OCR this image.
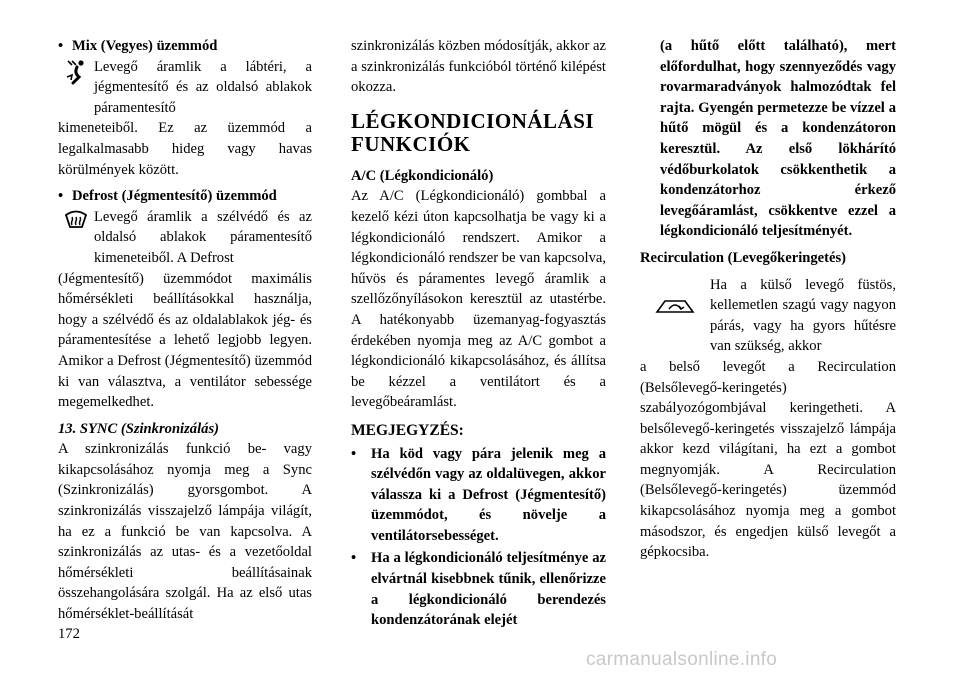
• Mix (Vegyes) üzemmód

Levegő áramlik a lábtéri, a jégmentesítő és az oldalsó ablakok páramentesítő

kimeneteiből. Ez az üzemmód a legalkalmasabb hideg vagy havas körülmények között.

• Defrost (Jégmentesítő) üzemmód

Levegő áramlik a szélvédő és az oldalsó ablakok páramentesítő kimeneteiből. A Defrost

(Jégmentesítő) üzemmódot maximális hőmérsékleti beállításokkal használja, hogy a szélvédő és az oldalablakok jég- és páramentesítése a lehető legjobb legyen. Amikor a Defrost (Jégmentesítő) üzemmód ki van választva, a ventilátor sebessége megemelkedhet.

13. SYNC (Szinkronizálás)

A szinkronizálás funkció be- vagy kikapcsolásához nyomja meg a Sync (Szinkronizálás) gyorsgombot. A szinkronizálás visszajelző lámpája világít, ha ez a funkció be van kapcsolva. A szinkronizálás az utas- és a vezetőoldal hőmérsékleti beállításainak összehangolására szolgál. Ha az első utas hőmérséklet-beállítását

szinkronizálás közben módosítják, akkor az a szinkronizálás funkcióból történő kilépést okozza.

LÉGKONDICIONÁLÁSI FUNKCIÓK

A/C (Légkondicionáló)

Az A/C (Légkondicionáló) gombbal a kezelő kézi úton kapcsolhatja be vagy ki a légkondicionáló rendszert. Amikor a légkondicionáló rendszer be van kapcsolva, hűvös és páramentes levegő áramlik a szellőzőnyílásokon keresztül az utastérbe. A hatékonyabb üzemanyag-fogyasztás érdekében nyomja meg az A/C gombot a légkondicionáló kikapcsolásához, és állítsa be kézzel a ventilátort és a levegőbeáramlást.

MEGJEGYZÉS:

•	Ha köd vagy pára jelenik meg a szélvédőn vagy az oldalüvegen, akkor válassza ki a Defrost (Jégmentesítő) üzemmódot, és növelje a ventilátorsebességet.
•	Ha a légkondicionáló teljesítménye az elvártnál kisebbnek tűnik, ellenőrizze a légkondicionáló berendezés kondenzátorának elejét

(a hűtő előtt található), mert előfordulhat, hogy szennyeződés vagy rovarmaradványok halmozódtak fel rajta. Gyengén permetezze be vízzel a hűtő mögül és a kondenzátoron keresztül. Az első lökhárító védőburkolatok csökkenthetik a kondenzátorhoz érkező levegőáramlást, csökkentve ezzel a légkondicionáló teljesítményét.

Recirculation (Levegőkeringetés)

Ha a külső levegő füstös, kellemetlen szagú vagy nagyon párás, vagy ha gyors hűtésre van szükség, akkor

a belső levegőt a Recirculation (Belsőlevegő-keringetés) szabályozógombjával keringetheti. A belsőlevegő-keringetés visszajelző lámpája akkor kezd világítani, ha ezt a gombot megnyomják. A Recirculation (Belsőlevegő-keringetés) üzemmód kikapcsolásához nyomja meg a gombot másodszor, és engedjen külső levegőt a gépkocsiba.

172
carmanualsonline.info
